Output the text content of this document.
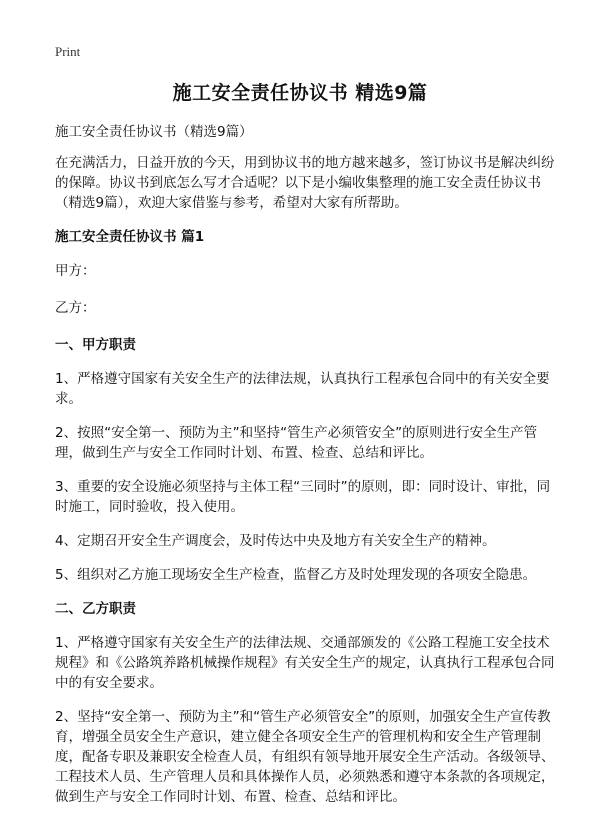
Print
施工安全责任协议书 精选9篇

施工安全责任协议书（精选9篇）

在充满活力，日益开放的今天，用到协议书的地方越来越多，签订协议书是解决纠纷的保障。协议书到底怎么写才合适呢？以下是小编收集整理的施工安全责任协议书（精选9篇），欢迎大家借鉴与参考，希望对大家有所帮助。

施工安全责任协议书 篇1

甲方：

乙方：

一、甲方职责

1、严格遵守国家有关安全生产的法律法规，认真执行工程承包合同中的有关安全要求。

2、按照“安全第一、预防为主”和坚持“管生产必须管安全”的原则进行安全生产管理，做到生产与安全工作同时计划、布置、检查、总结和评比。

3、重要的安全设施必须坚持与主体工程“三同时”的原则，即：同时设计、审批，同时施工，同时验收，投入使用。

4、定期召开安全生产调度会，及时传达中央及地方有关安全生产的精神。

5、组织对乙方施工现场安全生产检查，监督乙方及时处理发现的各项安全隐患。

二、乙方职责

1、严格遵守国家有关安全生产的法律法规、交通部颁发的《公路工程施工安全技术规程》和《公路筑养路机械操作规程》有关安全生产的规定，认真执行工程承包合同中的有安全要求。

2、坚持“安全第一、预防为主”和“管生产必须管安全”的原则，加强安全生产宣传教育，增强全员安全生产意识，建立健全各项安全生产的管理机构和安全生产管理制度，配备专职及兼职安全检查人员，有组织有领导地开展安全生产活动。各级领导、工程技术人员、生产管理人员和具体操作人员，必须熟悉和遵守本条款的各项规定，做到生产与安全工作同时计划、布置、检查、总结和评比。
